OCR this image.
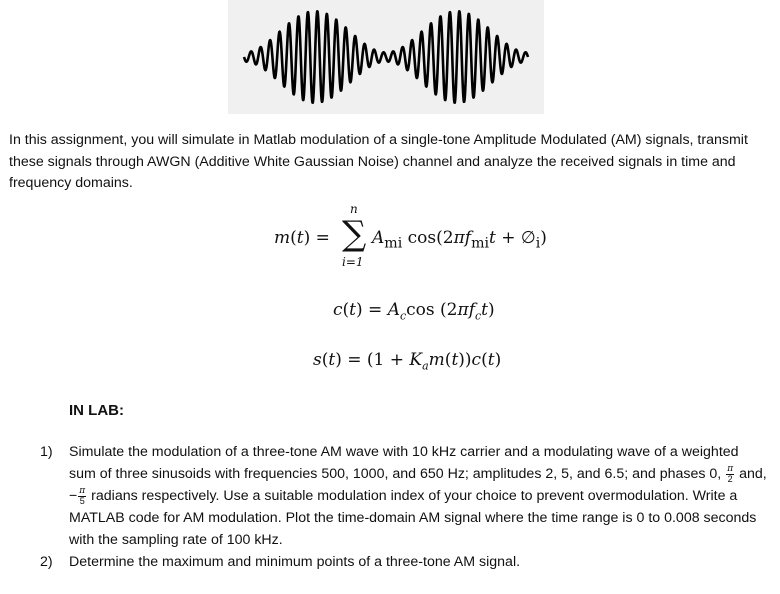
In this assignment, you will simulate in Matlab modulation of a single-tone Amplitude Modulated (AM) signals, transmit these signals through AWGN (Additive White Gaussian Noise) channel and analyze the received signals in time and frequency domains.
m(t) =
n
∑
i=1
$A_{mi}$ $\cos(2\pi f_{mi}t$ + $\emptyset_i$)
$c(t) = A_c\cos$ $(2\pi f_ct)$
$s(t) = (1 + K_am(t))c(t)$
IN LAB:
1) Simulate the modulation of a three-tone AM wave with 10 kHz carrier and a modulating wave of a weighted sum of three sinusoids with frequencies 500, 1000, and 650 Hz; amplitudes 2, 5, and 6.5; and phases 0, $\frac{\pi}{2}$ and, − $\frac{\pi}{5}$ radians respectively. Use a suitable modulation index of your choice to prevent overmodulation. Write a MATLAB code for AM modulation. Plot the time-domain AM signal where the time range is 0 to 0.008 seconds with the sampling rate of 100 kHz.
2) Determine the maximum and minimum points of a three-tone AM signal.
